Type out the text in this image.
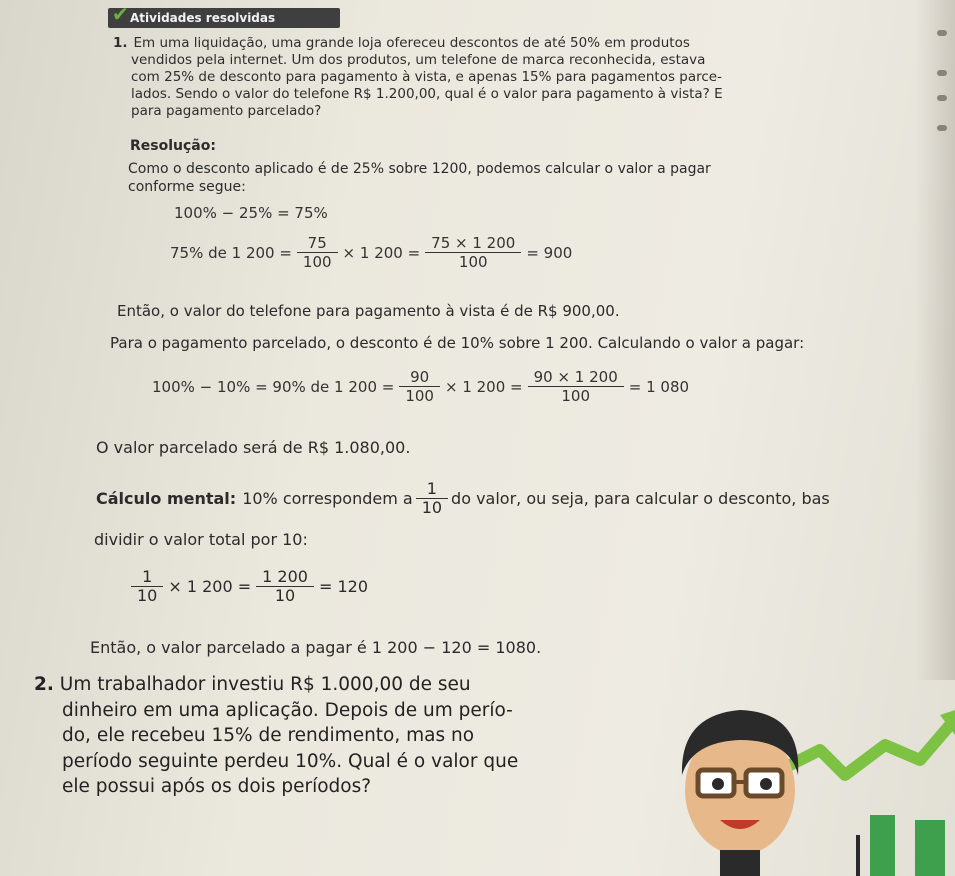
✔ Atividades resolvidas

1. Em uma liquidação, uma grande loja ofereceu descontos de até 50% em produtos

vendidos pela internet. Um dos produtos, um telefone de marca reconhecida, estava

com 25% de desconto para pagamento à vista, e apenas 15% para pagamentos parce-

lados. Sendo o valor do telefone R$ 1.200,00, qual é o valor para pagamento à vista? E

para pagamento parcelado?

Resolução:
Como o desconto aplicado é de 25% sobre 1200, podemos calcular o valor a pagar
conforme segue:
100% − 25% = 75%
75% de 1 $200 = \frac{75}{100} \times 1$ $200 = \frac{75 \times 1 200}{100} = 900$
Então, o valor do telefone para pagamento à vista é de R$ 900,00.
Para o pagamento parcelado, o desconto é de 10% sobre 1 200. Calculando o valor a pagar:
100% − 10% = 90% de 1 $200 = \frac{90}{100} \times 1$ $200 = \frac{90 \times 1 200}{100} = 1$ 080
O valor parcelado será de R$ 1.080,00.
Cálculo mental: 10% correspondem a $\frac{1}{10}$ do valor, ou seja, para calcular o desconto, bas
dividir o valor total por 10:
$\frac{1}{10} \times 1$ $200 = \frac{1 200}{10} = 120$
Então, o valor parcelado a pagar é 1 200 − 120 = 1080.
2. Um trabalhador investiu R$ 1.000,00 de seu
dinheiro em uma aplicação. Depois de um perío-
do, ele recebeu 15% de rendimento, mas no
período seguinte perdeu 10%. Qual é o valor que
ele possui após os dois períodos?
